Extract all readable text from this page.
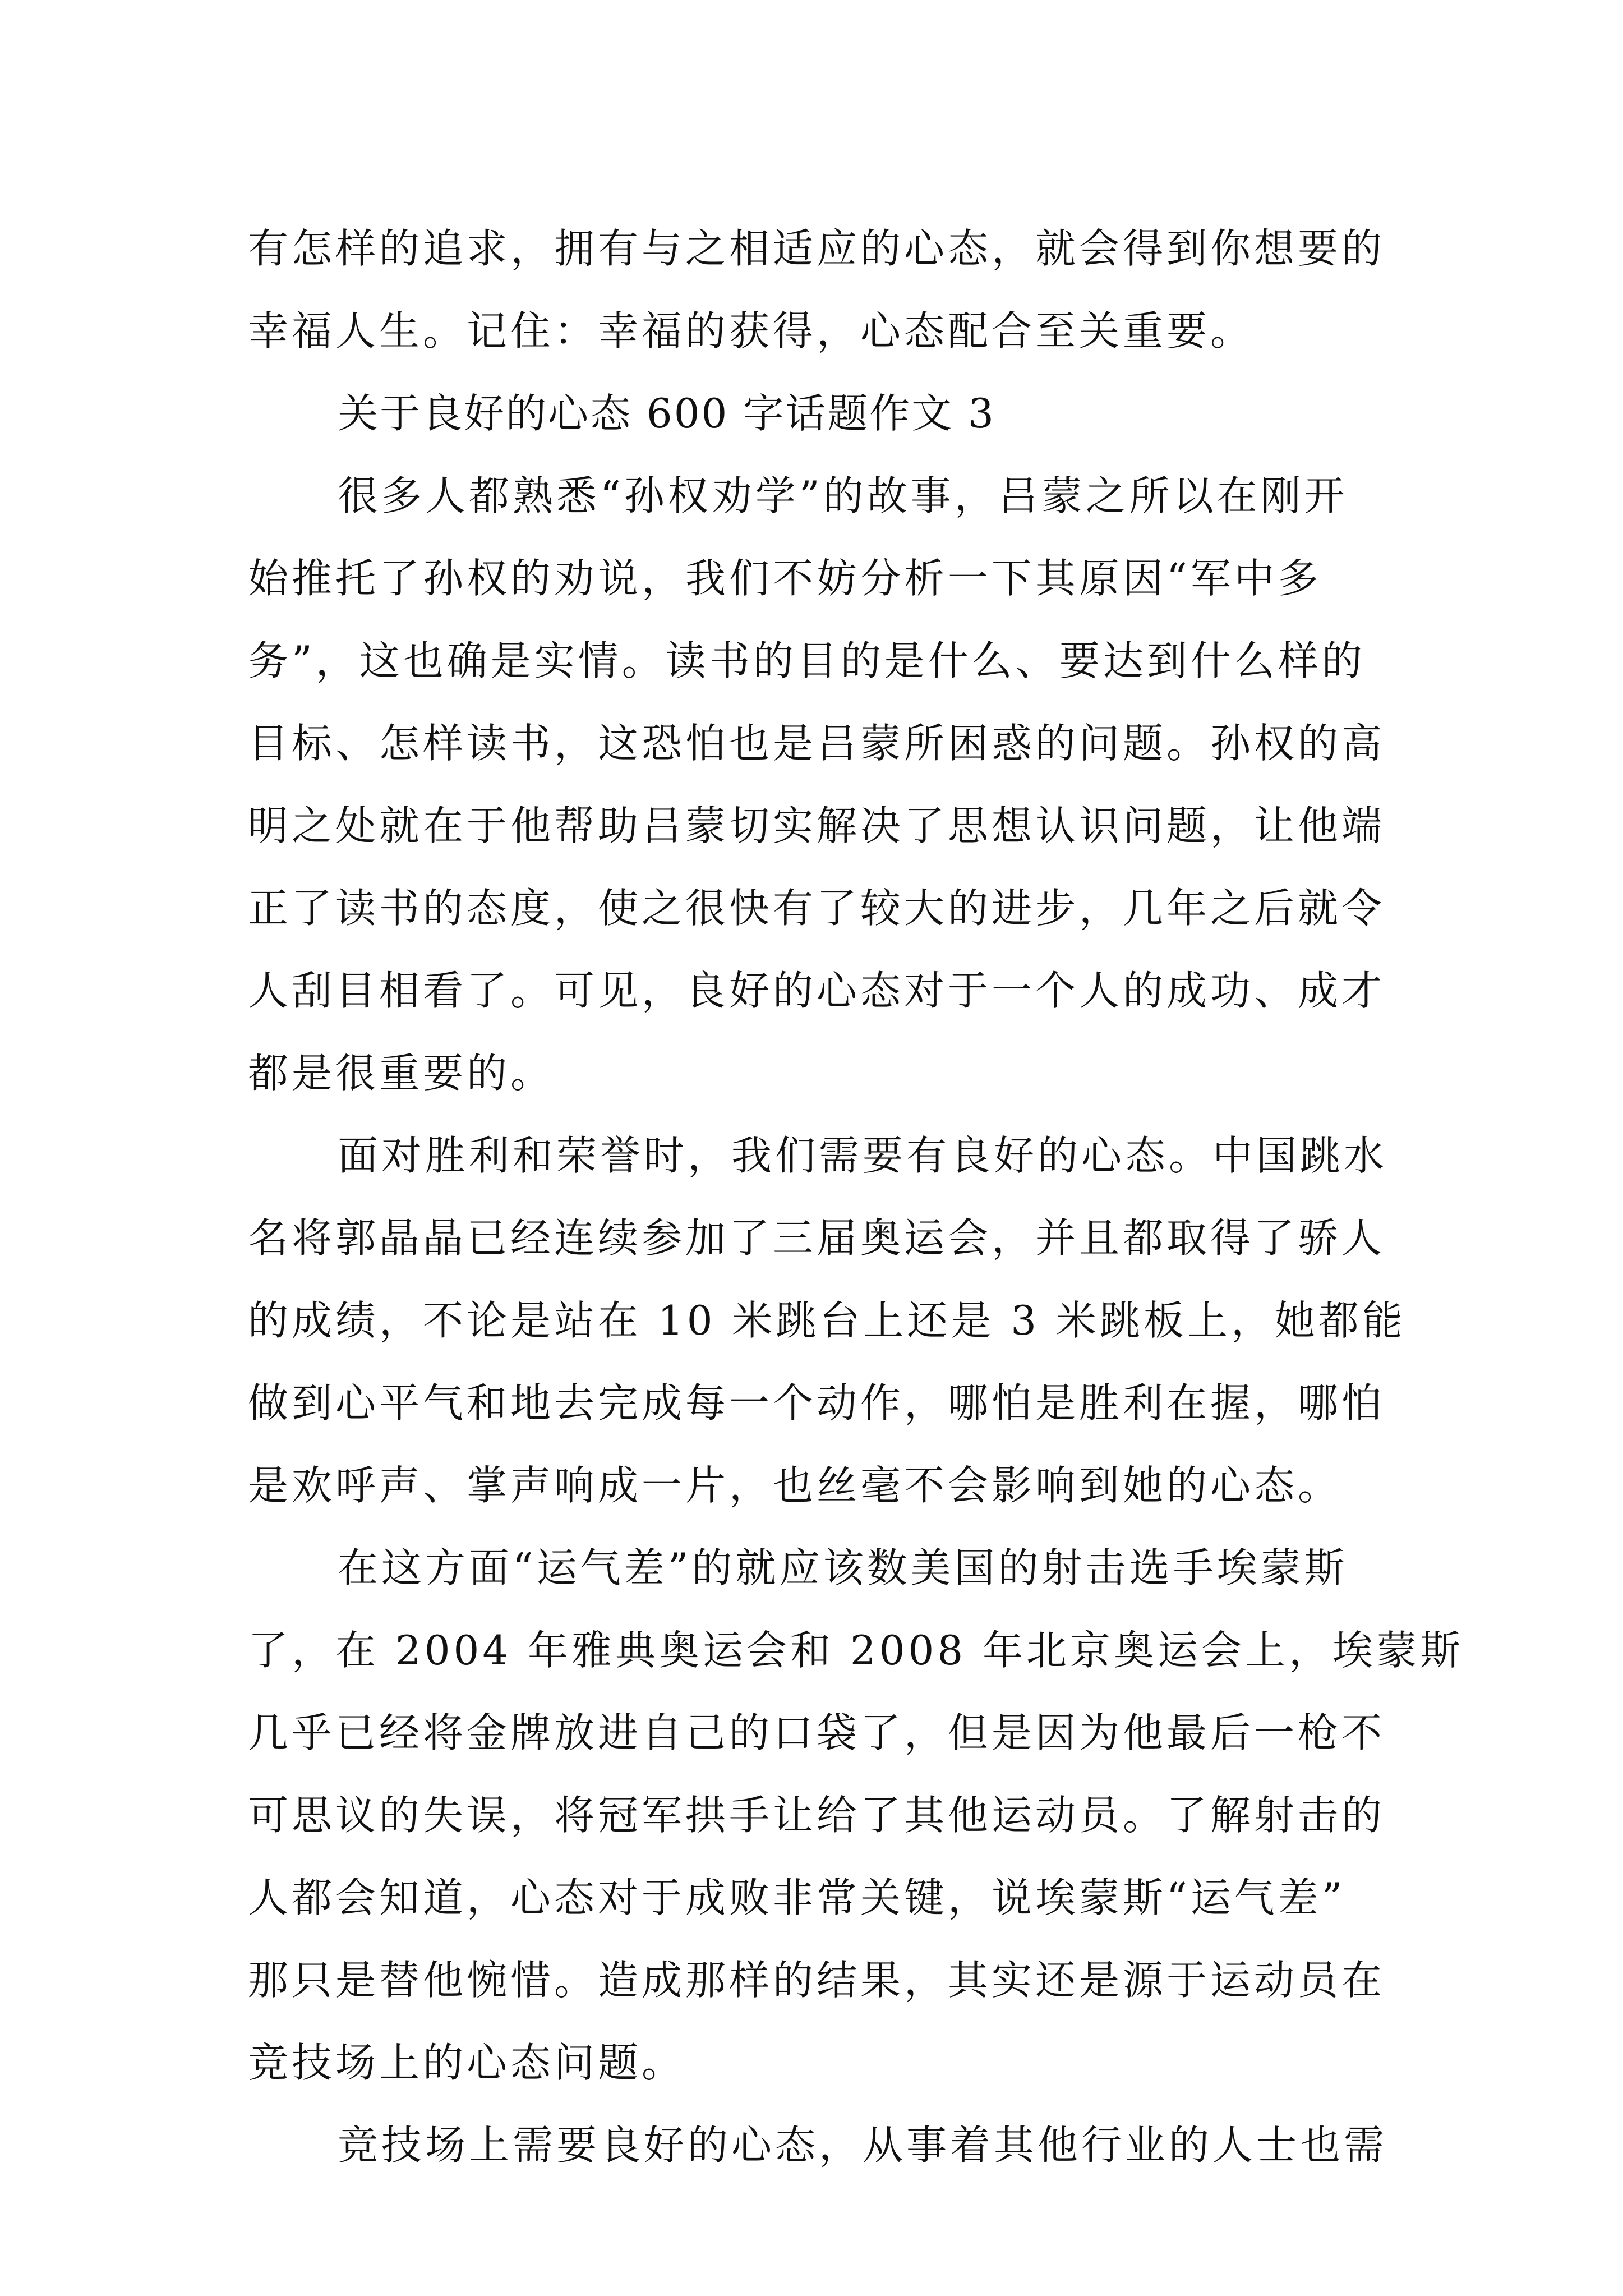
有怎样的追求，拥有与之相适应的心态，就会得到你想要的
幸福人生。记住：幸福的获得，心态配合至关重要。
关于良好的心态 600 字话题作文 3
很多人都熟悉“孙权劝学”的故事，吕蒙之所以在刚开
始推托了孙权的劝说，我们不妨分析一下其原因“军中多
务”，这也确是实情。读书的目的是什么、要达到什么样的
目标、怎样读书，这恐怕也是吕蒙所困惑的问题。孙权的高
明之处就在于他帮助吕蒙切实解决了思想认识问题，让他端
正了读书的态度，使之很快有了较大的进步，几年之后就令
人刮目相看了。可见，良好的心态对于一个人的成功、成才
都是很重要的。
面对胜利和荣誉时，我们需要有良好的心态。中国跳水
名将郭晶晶已经连续参加了三届奥运会，并且都取得了骄人
的成绩，不论是站在 10 米跳台上还是 3 米跳板上，她都能
做到心平气和地去完成每一个动作，哪怕是胜利在握，哪怕
是欢呼声、掌声响成一片，也丝毫不会影响到她的心态。
在这方面“运气差”的就应该数美国的射击选手埃蒙斯
了，在 2004 年雅典奥运会和 2008 年北京奥运会上，埃蒙斯
几乎已经将金牌放进自己的口袋了，但是因为他最后一枪不
可思议的失误，将冠军拱手让给了其他运动员。了解射击的
人都会知道，心态对于成败非常关键，说埃蒙斯“运气差”
那只是替他惋惜。造成那样的结果，其实还是源于运动员在
竞技场上的心态问题。
竞技场上需要良好的心态，从事着其他行业的人士也需
